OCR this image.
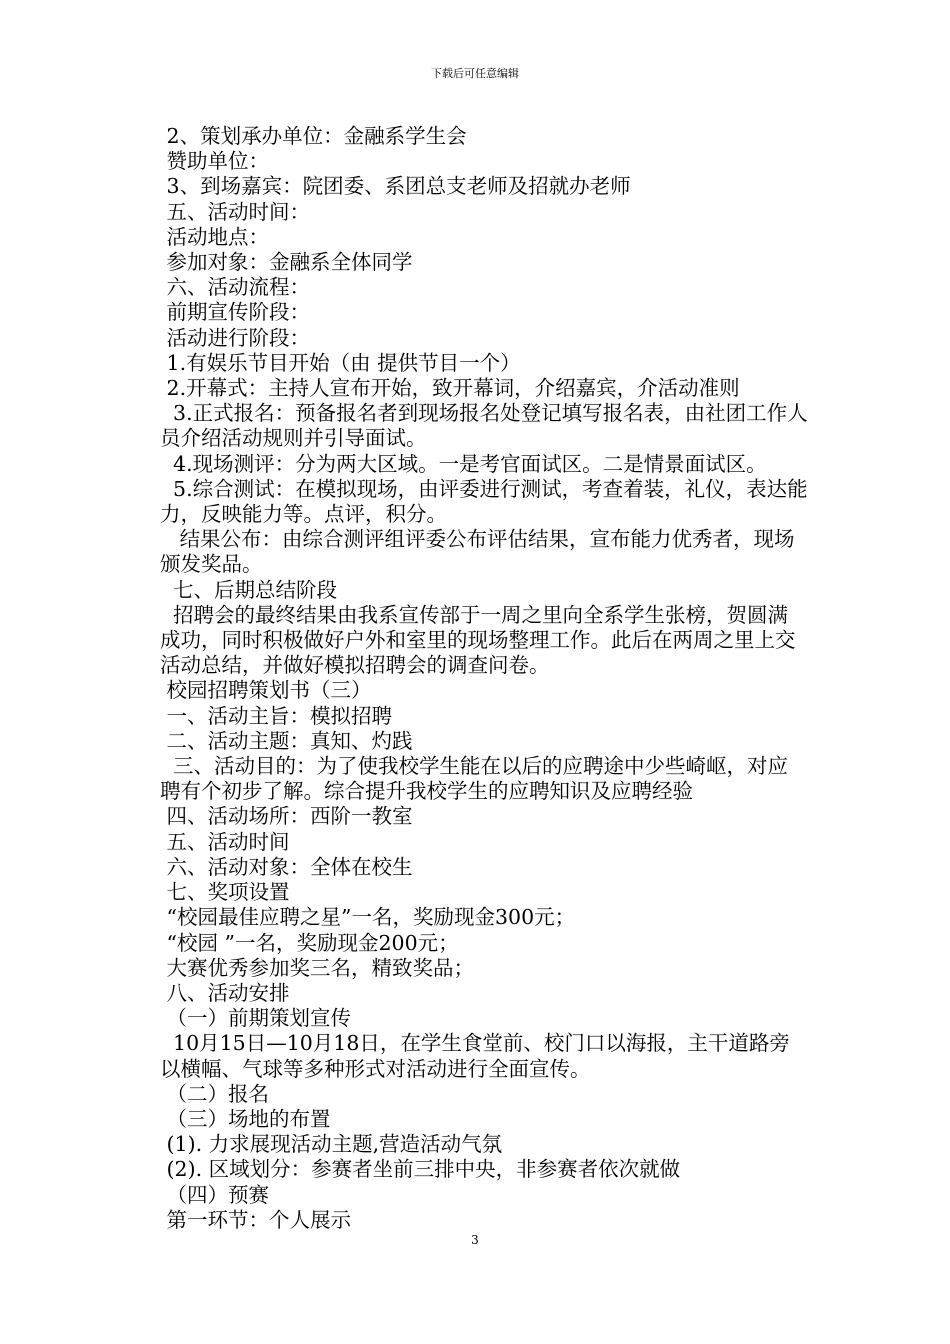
下载后可任意编辑
2、策划承办单位：金融系学生会
赞助单位：
3、到场嘉宾：院团委、系团总支老师及招就办老师
五、活动时间：
活动地点：
参加对象：金融系全体同学
六、活动流程：
前期宣传阶段：
活动进行阶段：
1.有娱乐节目开始（由 提供节目一个）
2.开幕式：主持人宣布开始，致开幕词，介绍嘉宾，介活动准则
3.正式报名：预备报名者到现场报名处登记填写报名表，由社团工作人员介绍活动规则并引导面试。
4.现场测评：分为两大区域。一是考官面试区。二是情景面试区。
5.综合测试：在模拟现场，由评委进行测试，考查着装，礼仪，表达能力，反映能力等。点评，积分。
结果公布：由综合测评组评委公布评估结果，宣布能力优秀者，现场颁发奖品。
七、后期总结阶段
招聘会的最终结果由我系宣传部于一周之里向全系学生张榜，贺圆满成功，同时积极做好户外和室里的现场整理工作。此后在两周之里上交活动总结，并做好模拟招聘会的调查问卷。
校园招聘策划书（三）
一、活动主旨：模拟招聘
二、活动主题：真知、灼践
三、活动目的：为了使我校学生能在以后的应聘途中少些崎岖，对应聘有个初步了解。综合提升我校学生的应聘知识及应聘经验
四、活动场所：西阶一教室
五、活动时间
六、活动对象：全体在校生
七、奖项设置
“校园最佳应聘之星”一名，奖励现金300元；
“校园 ”一名，奖励现金200元；
大赛优秀参加奖三名，精致奖品；
八、活动安排
（一）前期策划宣传
10月15日—10月18日，在学生食堂前、校门口以海报，主干道路旁以横幅、气球等多种形式对活动进行全面宣传。
（二）报名
（三）场地的布置
(1). 力求展现活动主题,营造活动气氛
(2). 区域划分：参赛者坐前三排中央，非参赛者依次就做
（四）预赛
第一环节：个人展示
3
